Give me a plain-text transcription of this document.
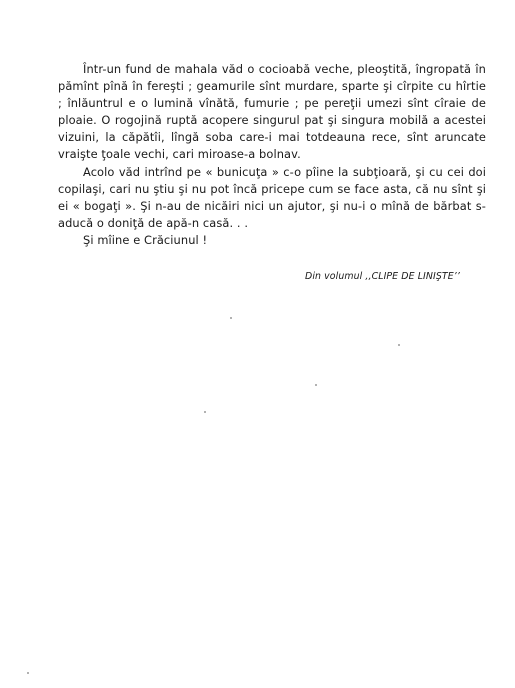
Într-un fund de mahala văd o cocioabă veche, pleoştită, îngropată în pămînt pînă în fereşti ; geamurile sînt murdare, sparte şi cîrpite cu hîrtie ; înlăuntrul e o lumină vînătă, fumurie ; pe pereţii umezi sînt cîraie de ploaie. O rogojină ruptă acopere singurul pat şi singura mobilă a acestei vizuini, la căpătîi, lîngă soba care-i mai totdeauna rece, sînt aruncate vraişte ţoale vechi, cari miroase-a bolnav.

Acolo văd intrînd pe « bunicuţa » c-o pîine la subţioară, şi cu cei doi copilaşi, cari nu ştiu şi nu pot încă pricepe cum se face asta, că nu sînt şi ei « bogaţi ». Şi n-au de nicăiri nici un ajutor, şi nu-i o mînă de bărbat s-aducă o doniţă de apă-n casă. . .

Şi mîine e Crăciunul !

Din volumul ,,CLIPE DE LINIŞTE’’
